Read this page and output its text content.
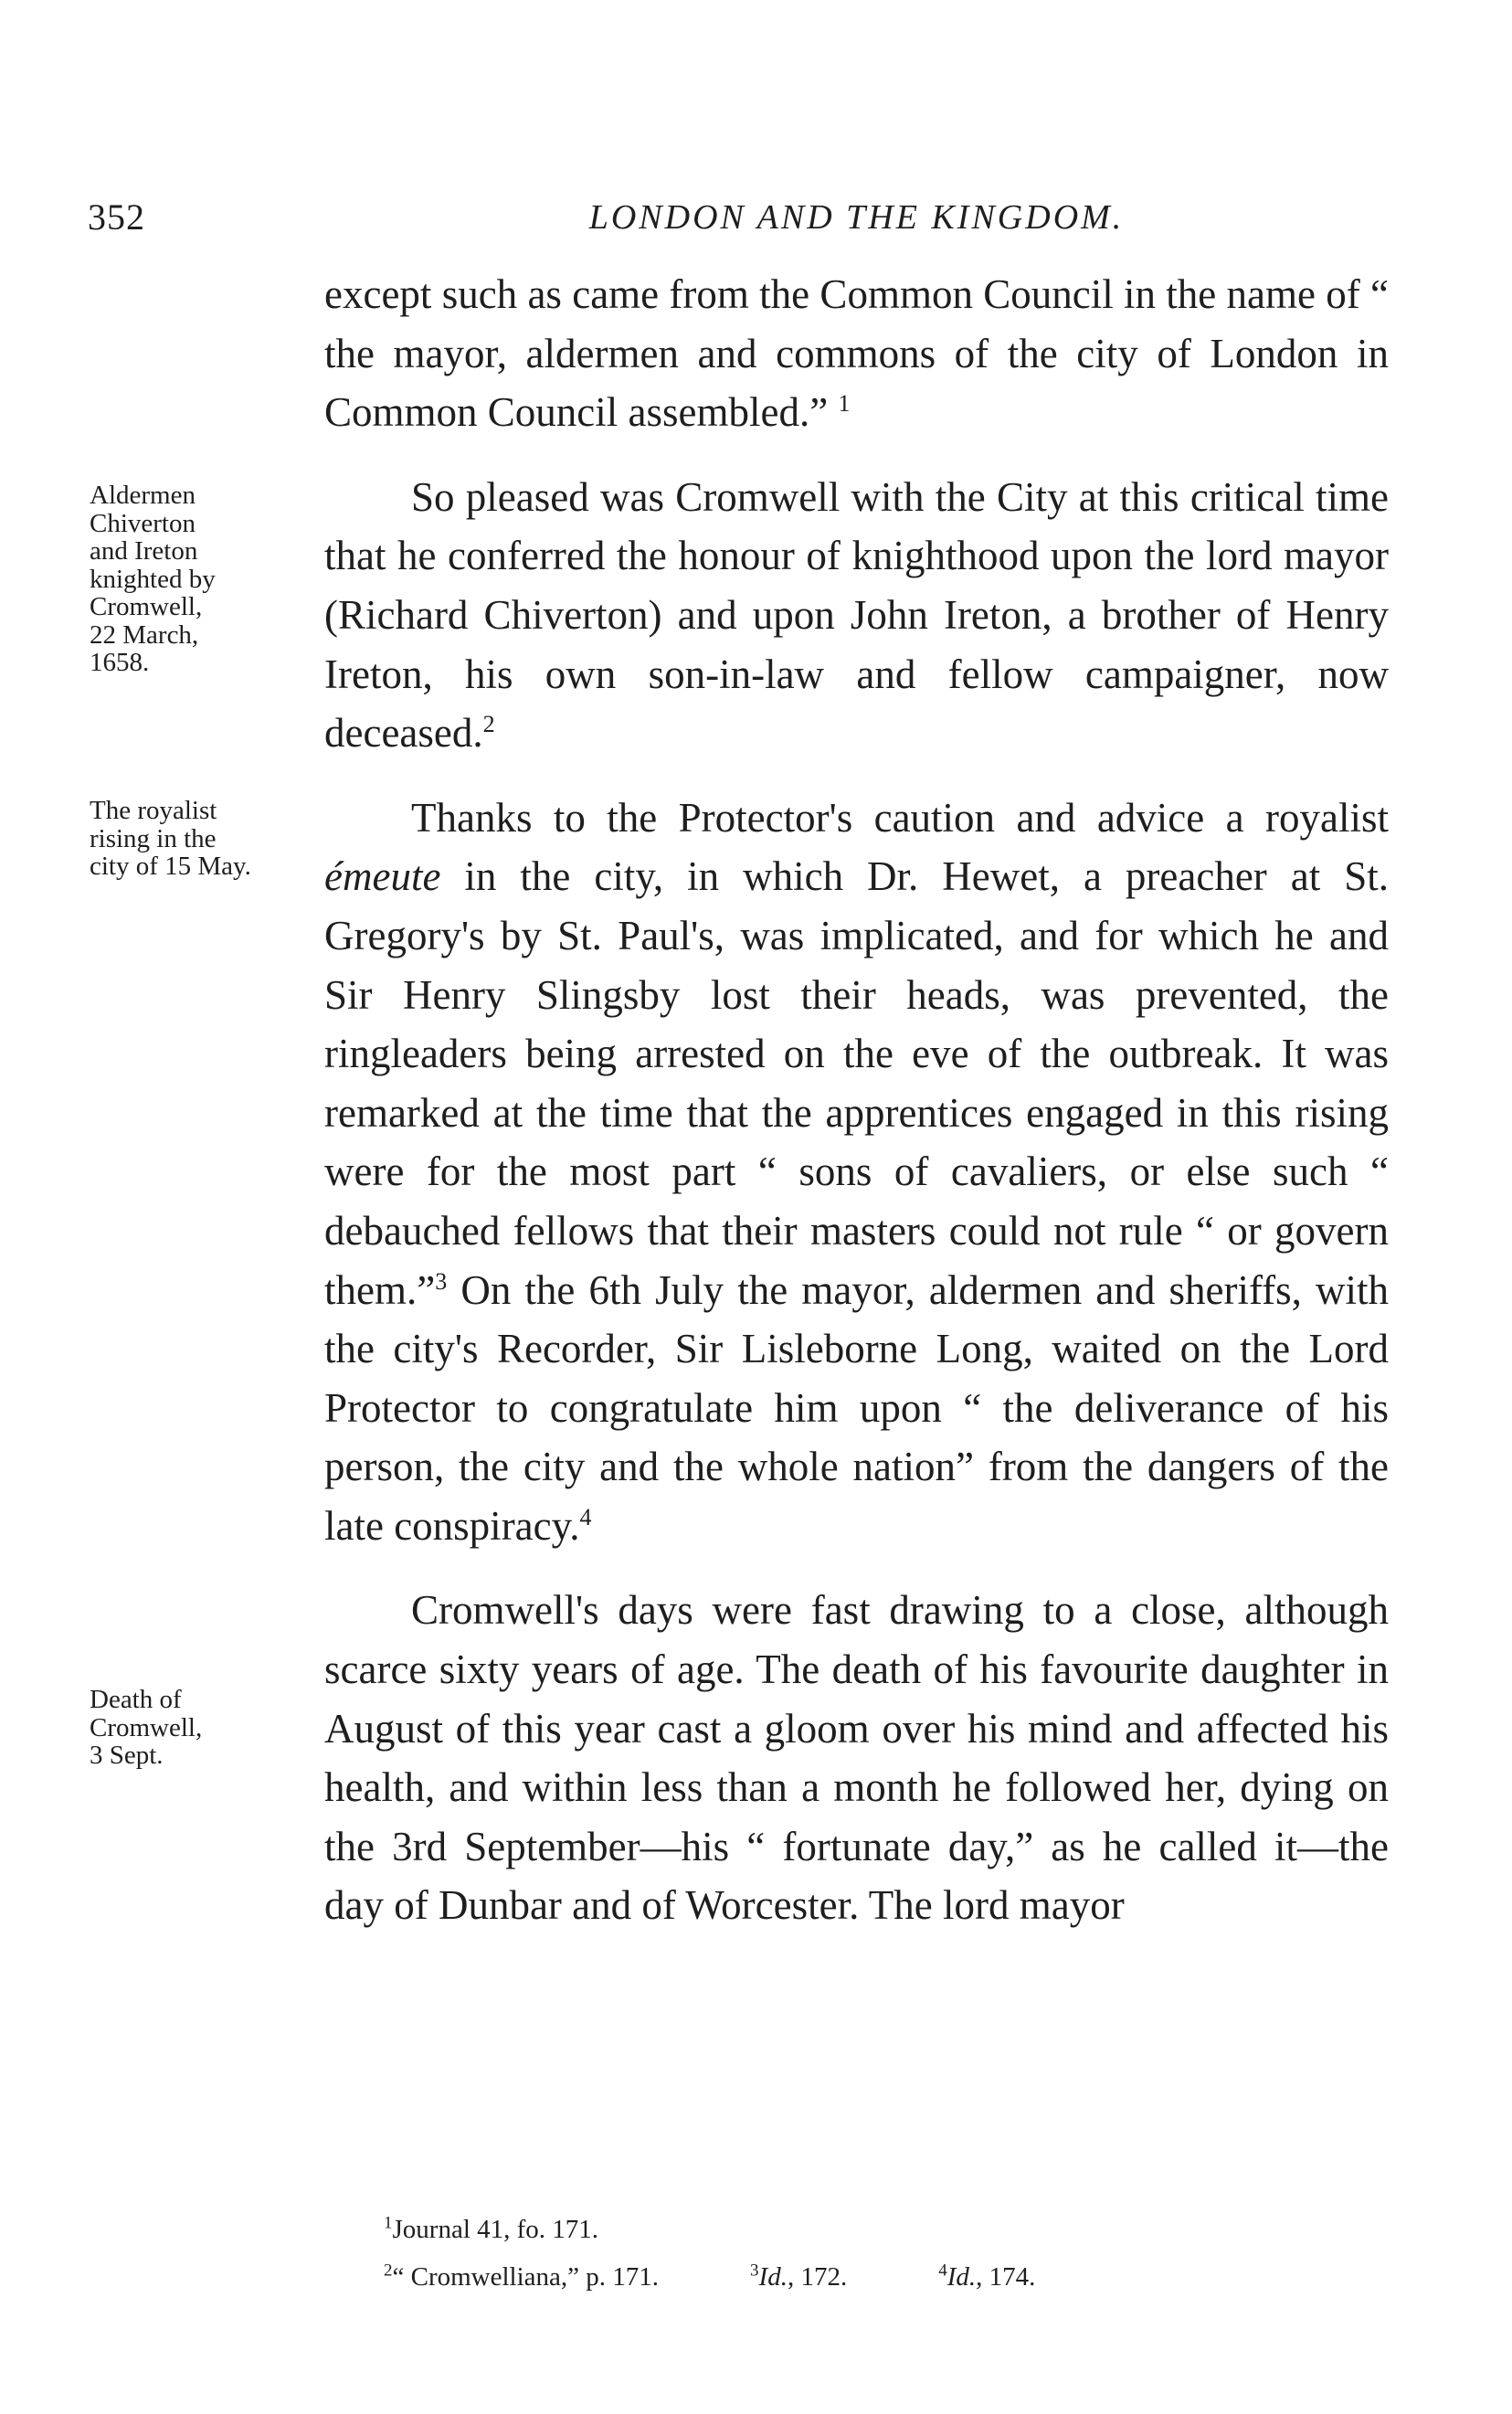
352	LONDON AND THE KINGDOM.
Aldermen
Chiverton
and Ireton
knighted by
Cromwell,
22 March,
1658.
The royalist
rising in the
city of 15 May.
Death of
Cromwell,
3 Sept.

except such as came from the Common Council in the name of “ the mayor, aldermen and commons of the city of London in Common Council assembled.” $^1$

So pleased was Cromwell with the City at this critical time that he conferred the honour of knighthood upon the lord mayor (Richard Chiverton) and upon John Ireton, a brother of Henry Ireton, his own son-in-law and fellow campaigner, now deceased.$^2$

Thanks to the Protector's caution and advice a royalist émeute in the city, in which Dr. Hewet, a preacher at St. Gregory's by St. Paul's, was implicated, and for which he and Sir Henry Slingsby lost their heads, was prevented, the ringleaders being arrested on the eve of the outbreak. It was remarked at the time that the apprentices engaged in this rising were for the most part “ sons of cavaliers, or else such “ debauched fellows that their masters could not rule “ or govern them.”$^3$ On the 6th July the mayor, aldermen and sheriffs, with the city's Recorder, Sir Lisleborne Long, waited on the Lord Protector to congratulate him upon “ the deliverance of his person, the city and the whole nation” from the dangers of the late conspiracy.$^4$

Cromwell's days were fast drawing to a close, although scarce sixty years of age. The death of his favourite daughter in August of this year cast a gloom over his mind and affected his health, and within less than a month he followed her, dying on the 3rd September—his “ fortunate day,” as he called it—the day of Dunbar and of Worcester. The lord mayor

$^1$Journal 41, fo. 171.
$^2$“ Cromwelliana,” p. 171.	$^3$Id., 172.	$^4$Id., 174.
